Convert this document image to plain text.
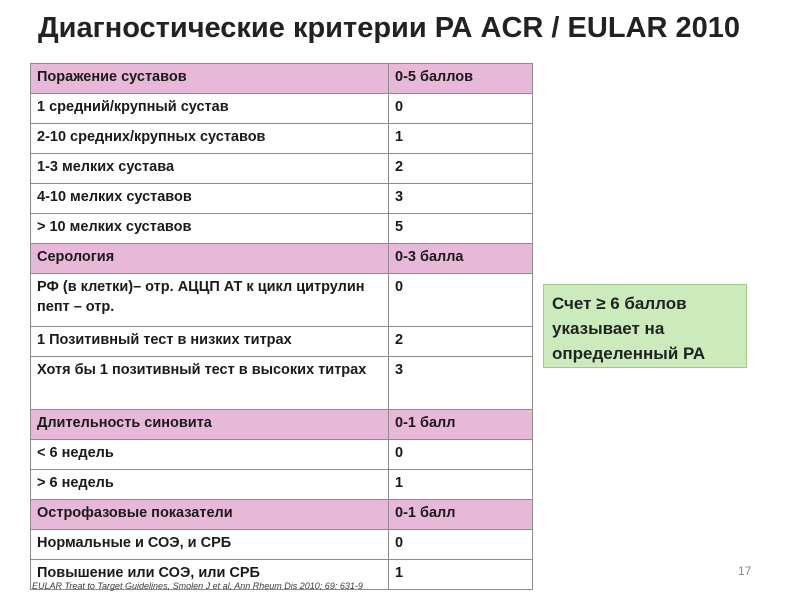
Диагностические критерии РА ACR / EULAR 2010
Поражение суставов	0-5 баллов
1 средний/крупный сустав	0
2-10 средних/крупных суставов	1
1-3 мелких сустава	2
4-10 мелких суставов	3
> 10 мелких суставов	5
Серология	0-3 балла
РФ (в клетки)– отр. АЦЦП АТ к цикл цитрулин пепт – отр.	0
1 Позитивный тест в низких титрах	2
Хотя бы 1 позитивный тест в высоких титрах	3
Длительность синовита	0-1 балл
< 6 недель	0
> 6 недель	1
Острофазовые показатели	0-1 балл
Нормальные и СОЭ, и СРБ	0
Повышение или СОЭ, или СРБ	1
Счет ≥ 6 баллов указывает на определенный РА
17
EULAR Treat to Target Guidelines, Smolen J et al, Ann Rheum Dis 2010; 69: 631-9
